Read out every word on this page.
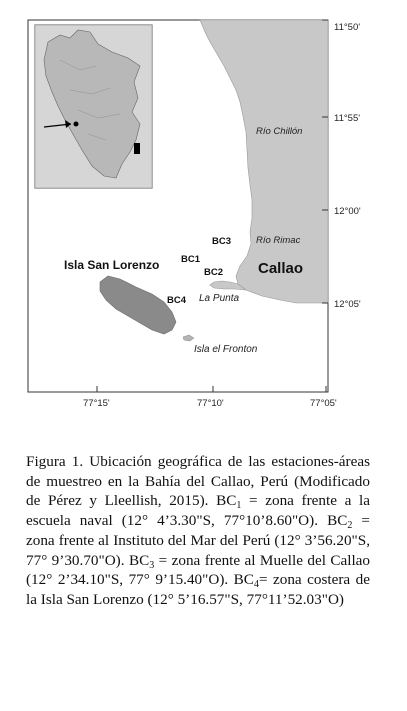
11°50'
11°55'
12°00'
12°05'
77°15'	77°10'	77°05'
Río Chillón
Río Rimac
BC1
BC2
BC3
BC4
Isla San Lorenzo	Callao
La Punta
Isla el Fronton

Figura 1. Ubicación geográfica de las estaciones-áreas de muestreo en la Bahía del Callao, Perú (Modificado de Pérez y Lleellish, 2015). $BC_1$ = zona frente a la escuela naval (12° 4’3.30"S, 77°10’8.60"O). $BC_2$ = zona frente al Instituto del Mar del Perú (12° 3’56.20"S, 77° 9’30.70"O). $BC_3$ = zona frente al Muelle del Callao (12° 2’34.10"S, 77° 9’15.40"O). $BC_4=$ zona costera de la Isla San Lorenzo (12° 5’16.57"S, 77°11’52.03"O)
